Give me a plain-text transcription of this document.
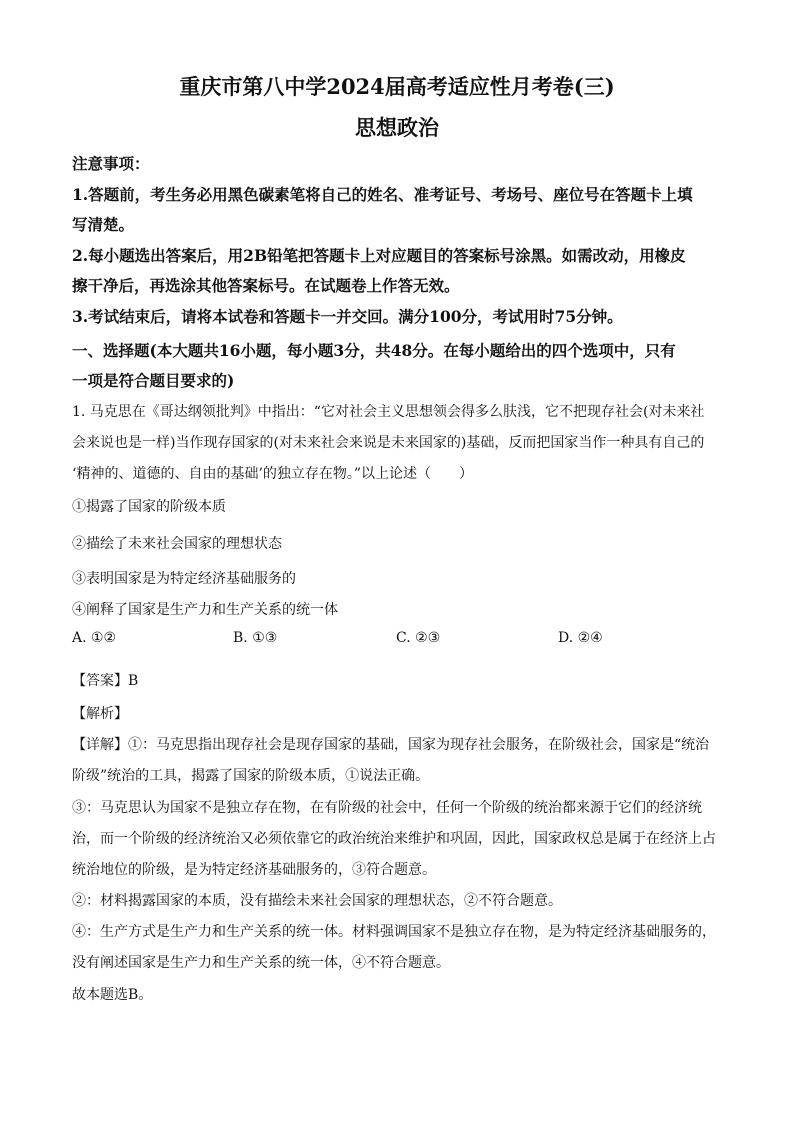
重庆市第八中学2024届高考适应性月考卷(三)
思想政治
注意事项：
1.答题前，考生务必用黑色碳素笔将自己的姓名、准考证号、考场号、座位号在答题卡上填
写清楚。
2.每小题选出答案后，用2B铅笔把答题卡上对应题目的答案标号涂黑。如需改动，用橡皮
擦干净后，再选涂其他答案标号。在试题卷上作答无效。
3.考试结束后，请将本试卷和答题卡一并交回。满分100分，考试用时75分钟。
一、选择题(本大题共16小题，每小题3分，共48分。在每小题给出的四个选项中，只有
一项是符合题目要求的)
1. 马克思在《哥达纲领批判》中指出：“它对社会主义思想领会得多么肤浅，它不把现存社会(对未来社
会来说也是一样)当作现存国家的(对未来社会来说是未来国家的)基础，反而把国家当作一种具有自己的
‘精神的、道德的、自由的基础’的独立存在物。”以上论述（　　）
①揭露了国家的阶级本质
②描绘了未来社会国家的理想状态
③表明国家是为特定经济基础服务的
④阐释了国家是生产力和生产关系的统一体
A. ①②	B. ①③	C. ②③	D. ②④
【答案】B
【解析】
【详解】①：马克思指出现存社会是现存国家的基础，国家为现存社会服务，在阶级社会，国家是“统治
阶级”统治的工具，揭露了国家的阶级本质，①说法正确。
③：马克思认为国家不是独立存在物，在有阶级的社会中，任何一个阶级的统治都来源于它们的经济统
治，而一个阶级的经济统治又必须依靠它的政治统治来维护和巩固，因此，国家政权总是属于在经济上占
统治地位的阶级，是为特定经济基础服务的，③符合题意。
②：材料揭露国家的本质，没有描绘未来社会国家的理想状态，②不符合题意。
④：生产方式是生产力和生产关系的统一体。材料强调国家不是独立存在物，是为特定经济基础服务的，
没有阐述国家是生产力和生产关系的统一体，④不符合题意。
故本题选B。
